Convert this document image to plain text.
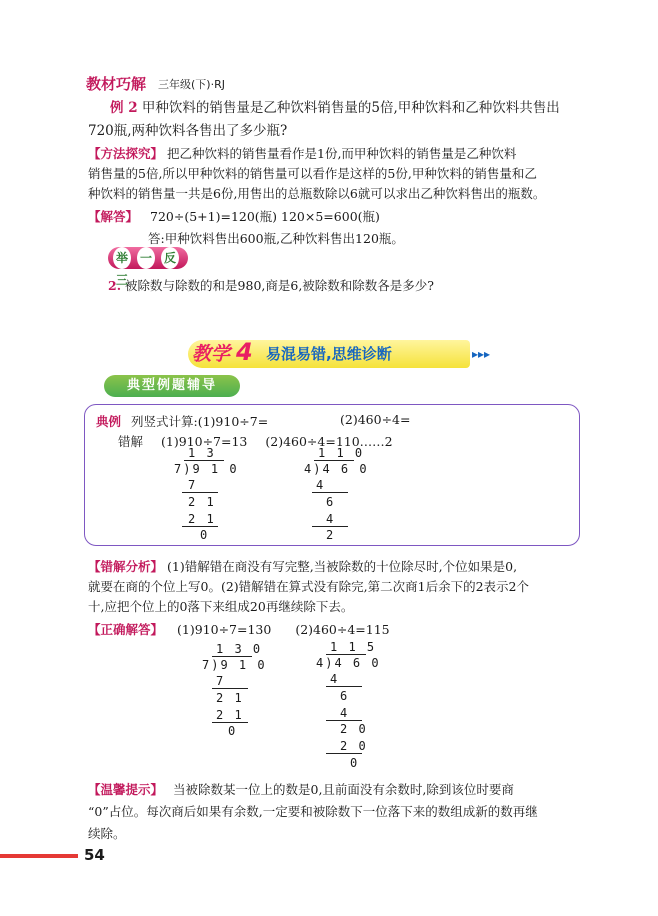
教材巧解 三年级(下)·RJ
例 2 甲种饮料的销售量是乙种饮料销售量的5倍,甲种饮料和乙种饮料共售出
720瓶,两种饮料各售出了多少瓶?
【方法探究】 把乙种饮料的销售量看作是1份,而甲种饮料的销售量是乙种饮料
销售量的5倍,所以甲种饮料的销售量可以看作是这样的5份,甲种饮料的销售量和乙
种饮料的销售量一共是6份,用售出的总瓶数除以6就可以求出乙种饮料售出的瓶数。
【解答】 720÷(5+1)=120(瓶) 120×5=600(瓶)
答:甲种饮料售出600瓶,乙种饮料售出120瓶。
举 一 反三
2. 被除数与除数的和是980,商是6,被除数和除数各是多少?
教学 4 易混易错,思维诊断	▸▸▸
典型例题辅导
典例 列竖式计算:(1)910÷7=	(2)460÷4=
错解 (1)910÷7=13 (2)460÷4=110……2
1 3
7)9 1 0
7
2 1
2 1
0
1 1 0
4)4 6 0
4
6
4
2
【错解分析】 (1)错解错在商没有写完整,当被除数的十位除尽时,个位如果是0,
就要在商的个位上写0。(2)错解错在算式没有除完,第二次商1后余下的2表示2个
十,应把个位上的0落下来组成20再继续除下去。
【正确解答】 (1)910÷7=130 (2)460÷4=115
1 3 0
7)9 1 0
7
2 1
2 1
0
1 1 5
4)4 6 0
4
6
4
2 0
2 0
0
【温馨提示】 当被除数某一位上的数是0,且前面没有余数时,除到该位时要商
“0”占位。每次商后如果有余数,一定要和被除数下一位落下来的数组成新的数再继
续除。
54
